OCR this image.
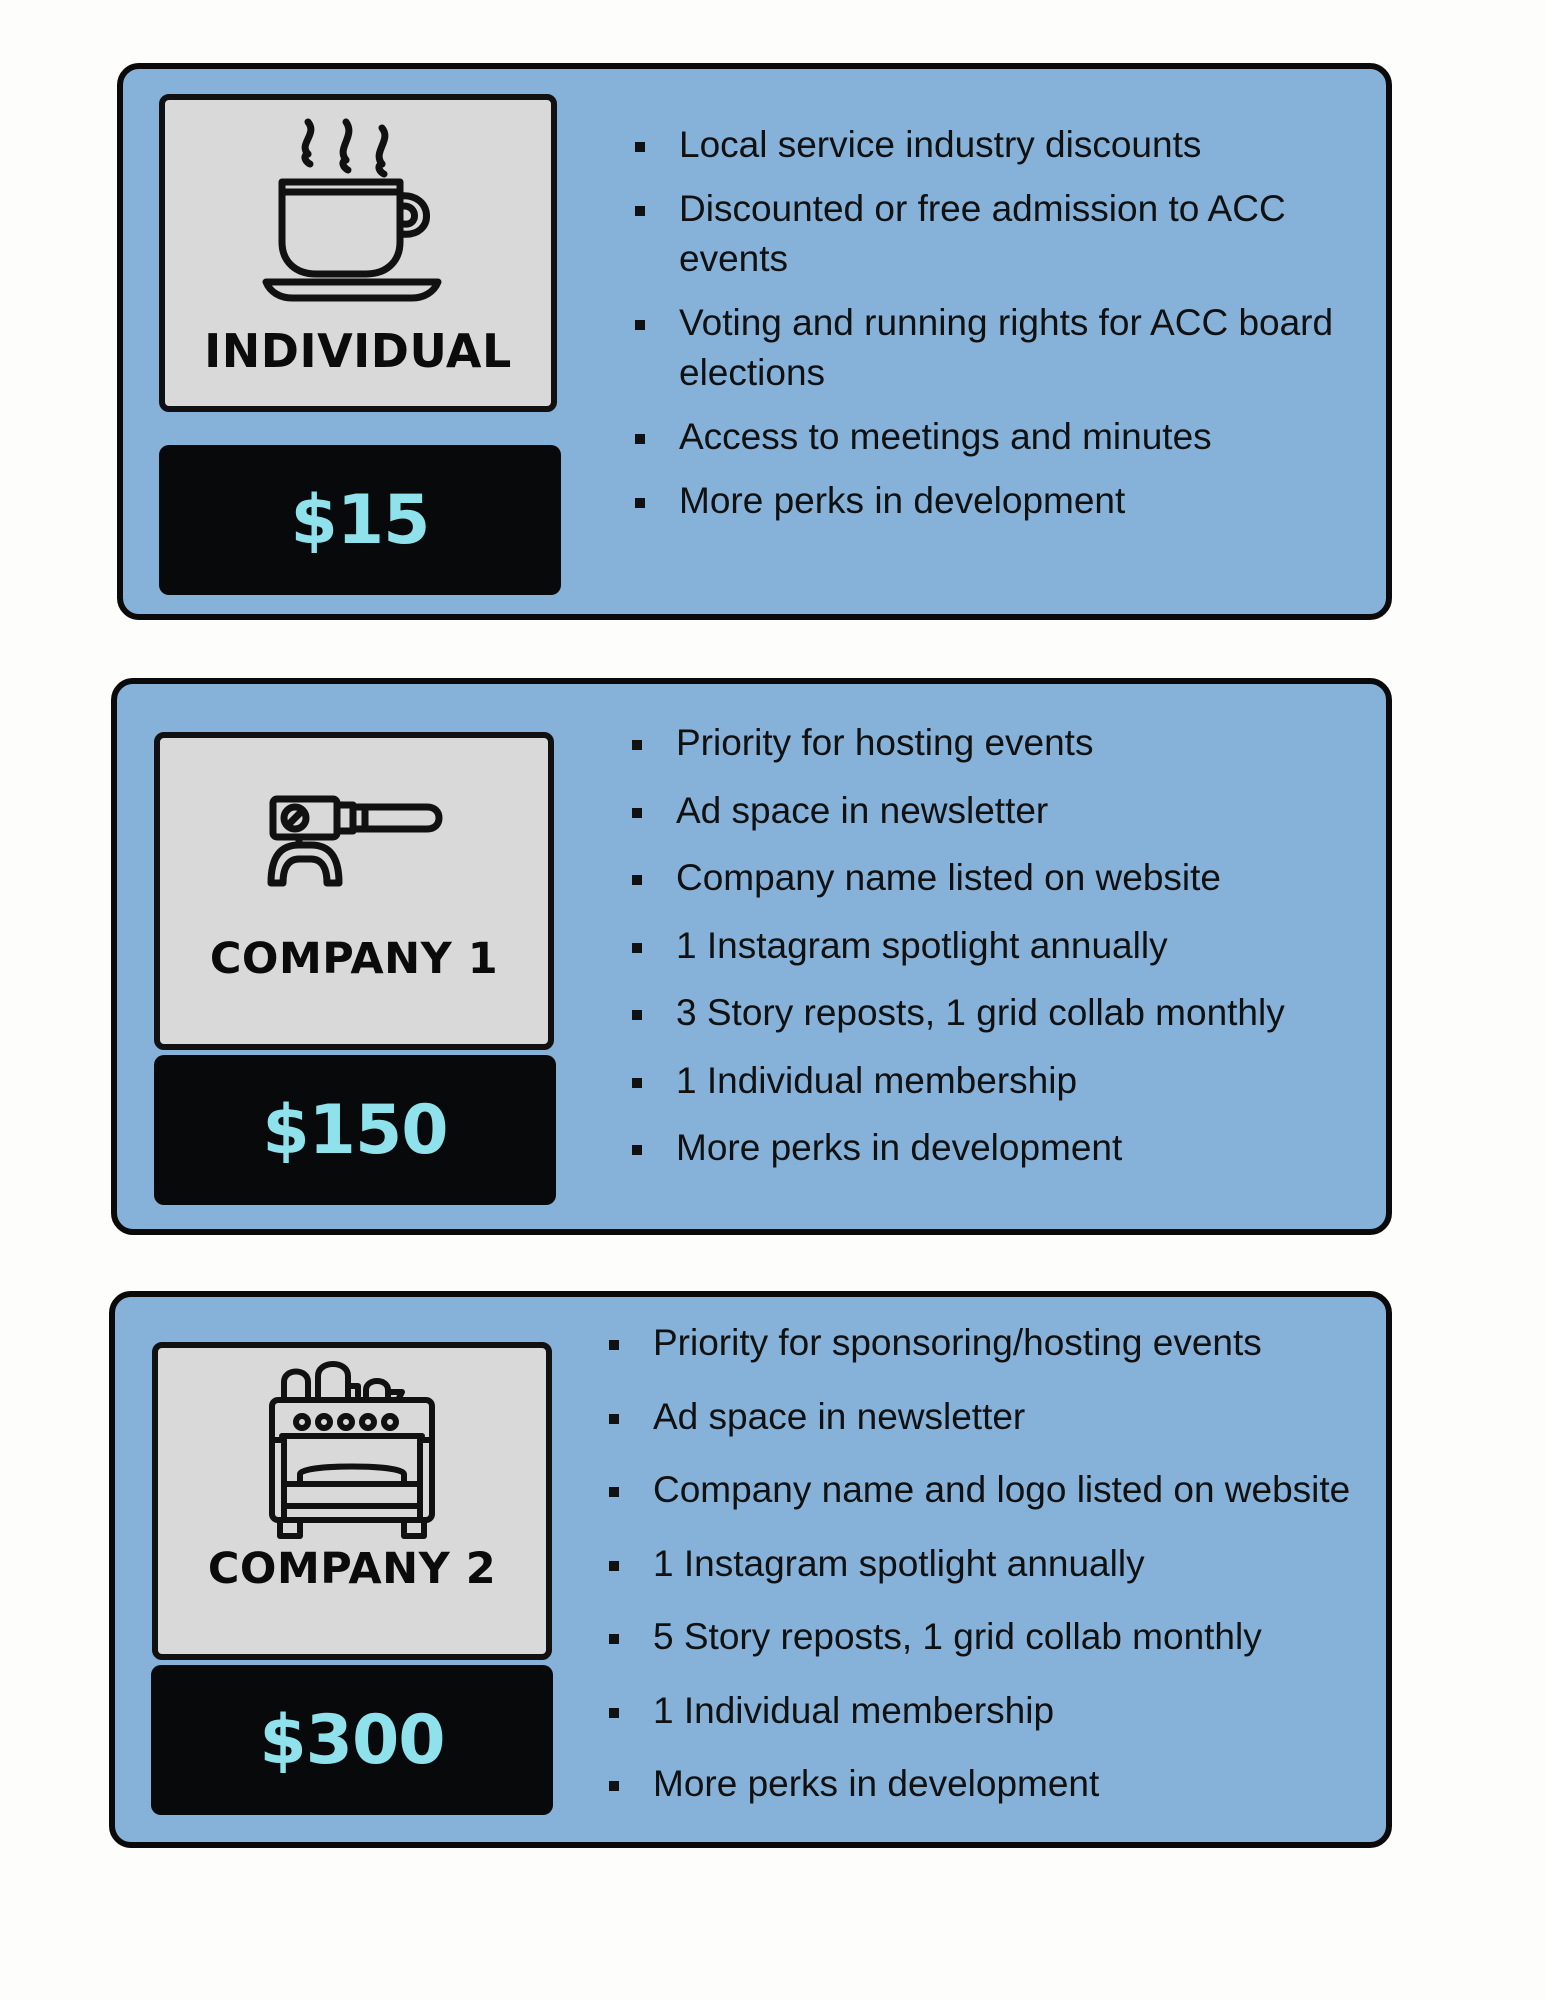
INDIVIDUAL
$15
Local service industry discounts
Discounted or free admission to ACC events
Voting and running rights for ACC board elections
Access to meetings and minutes
More perks in development
COMPANY 1
$150
Priority for hosting events
Ad space in newsletter
Company name listed on website
1 Instagram spotlight annually
3 Story reposts, 1 grid collab monthly
1 Individual membership
More perks in development
COMPANY 2
$300
Priority for sponsoring/hosting events
Ad space in newsletter
Company name and logo listed on website
1 Instagram spotlight annually
5 Story reposts, 1 grid collab monthly
1 Individual membership
More perks in development
